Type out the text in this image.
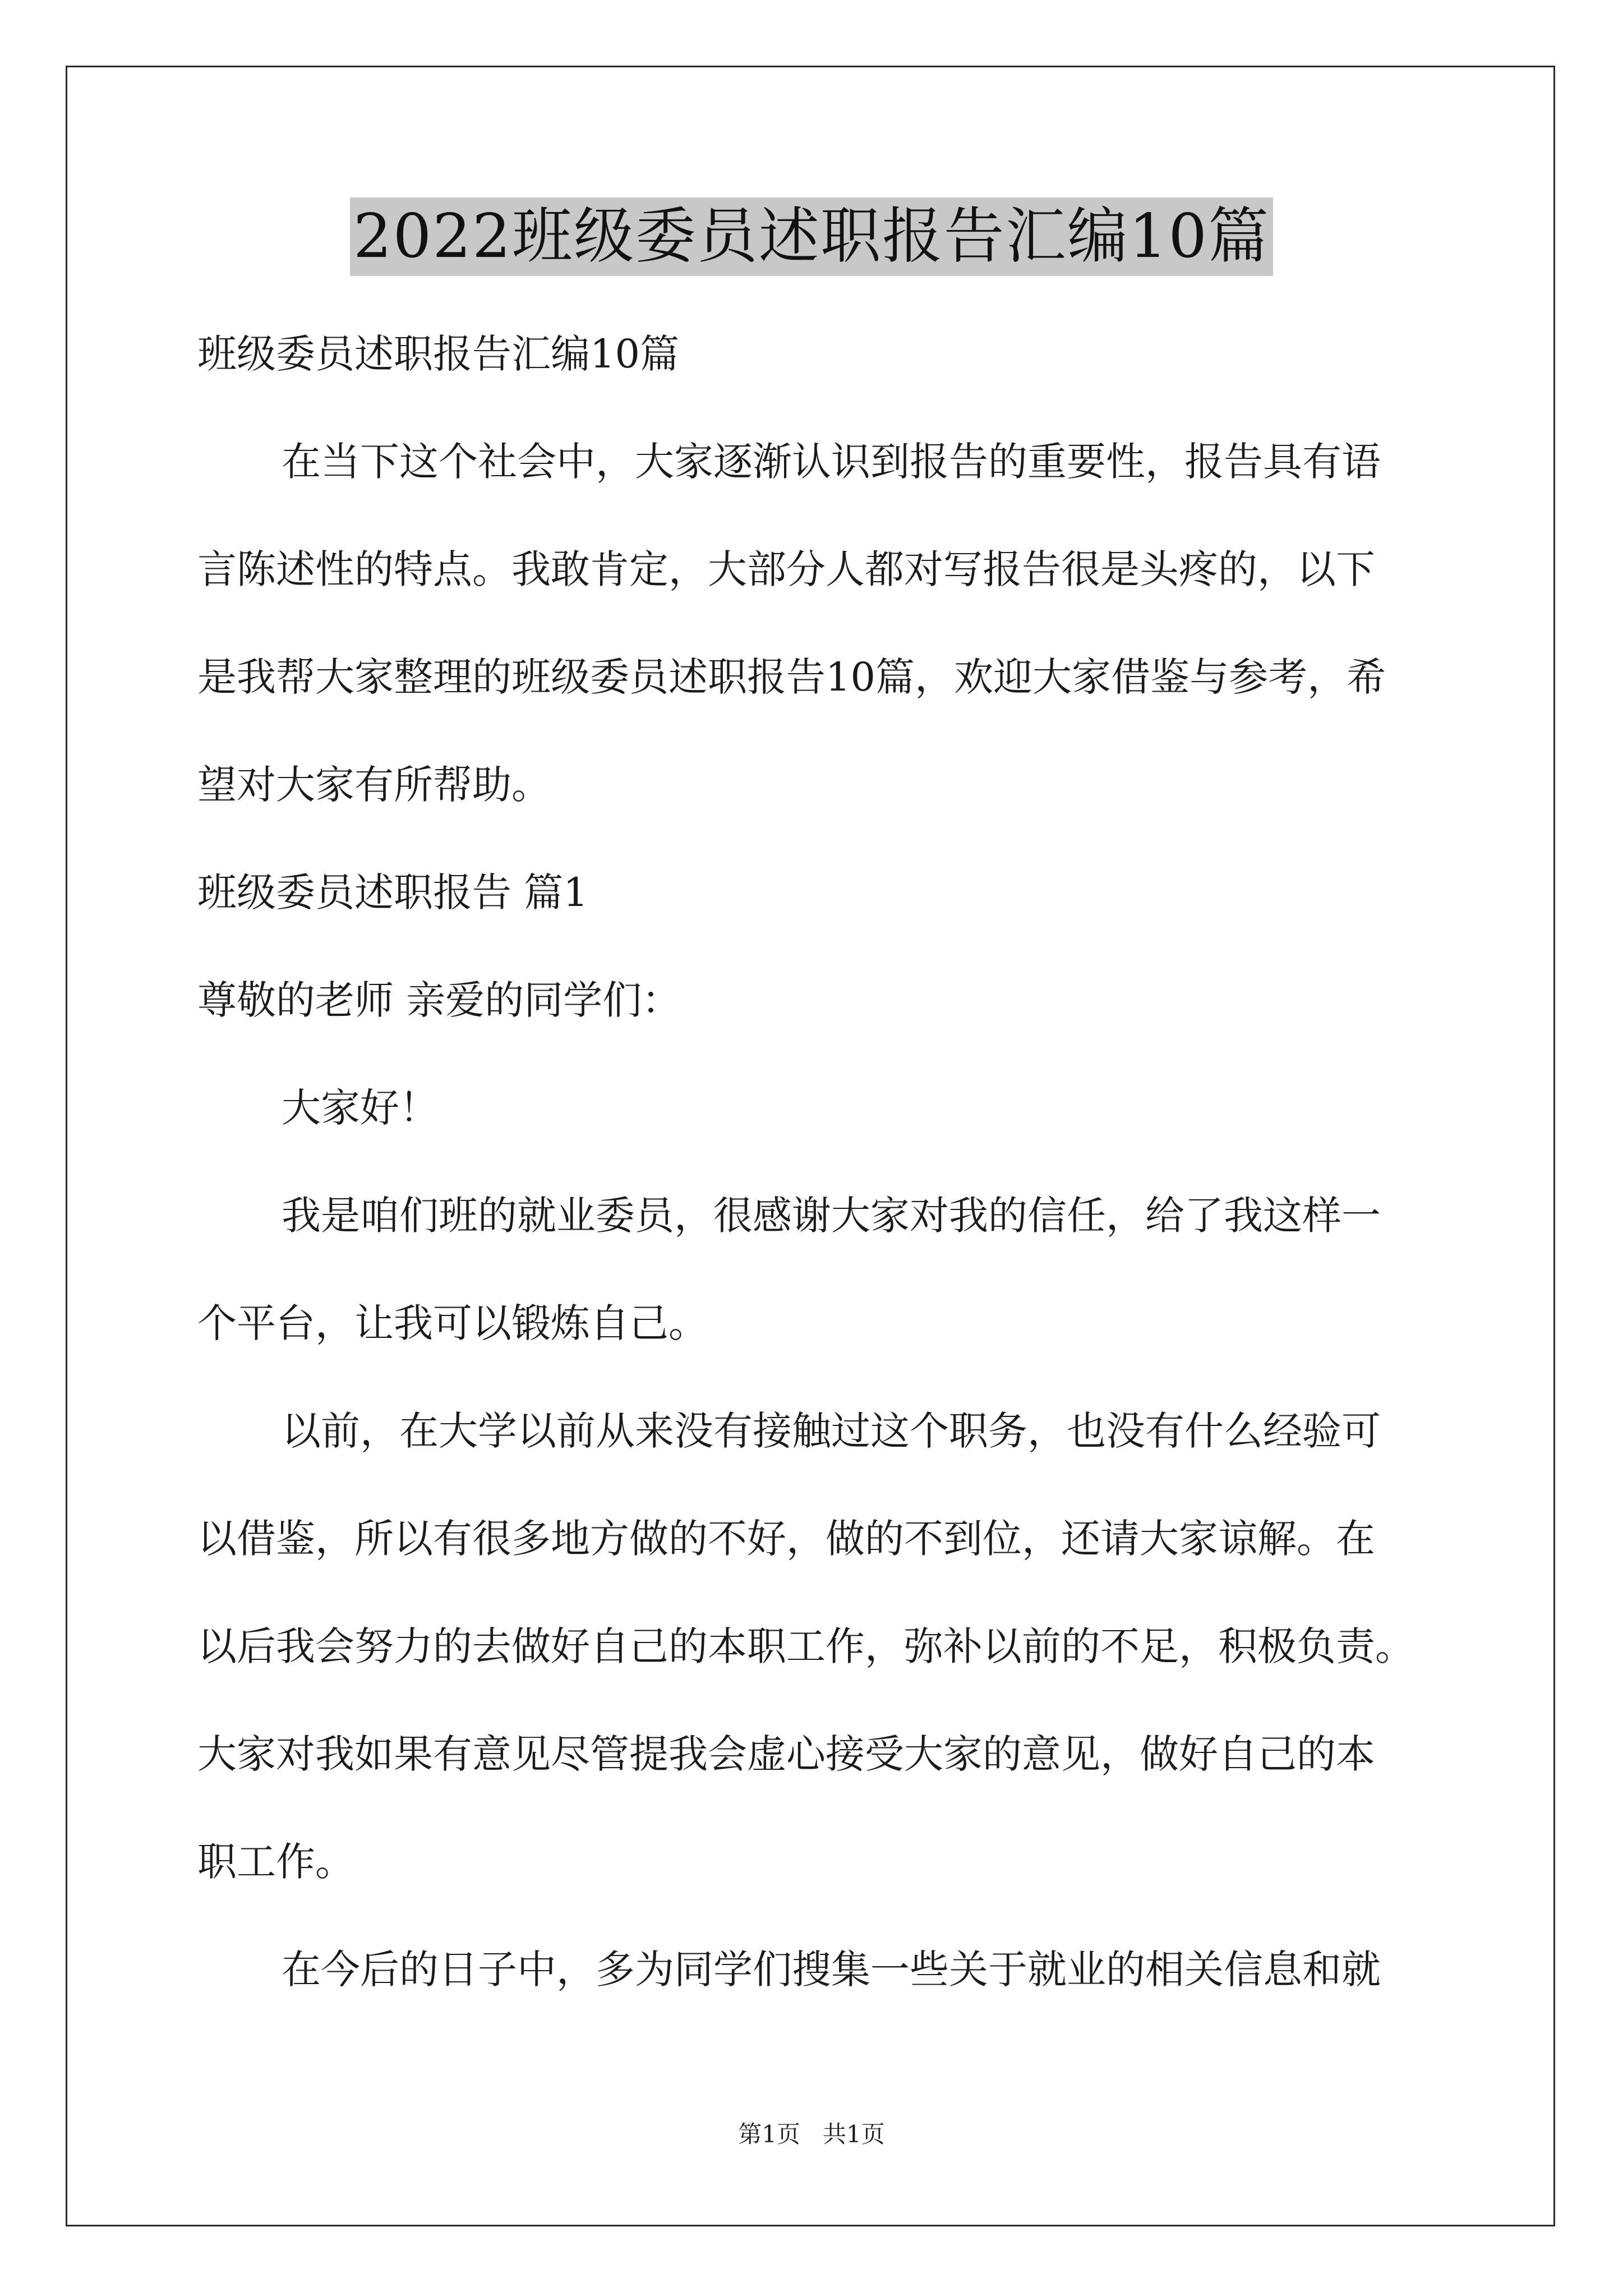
2022班级委员述职报告汇编10篇
班级委员述职报告汇编10篇
在当下这个社会中，大家逐渐认识到报告的重要性，报告具有语
言陈述性的特点。我敢肯定，大部分人都对写报告很是头疼的，以下
是我帮大家整理的班级委员述职报告10篇，欢迎大家借鉴与参考，希
望对大家有所帮助。
班级委员述职报告 篇1
尊敬的老师 亲爱的同学们：
大家好！
我是咱们班的就业委员，很感谢大家对我的信任，给了我这样一
个平台，让我可以锻炼自己。
以前，在大学以前从来没有接触过这个职务，也没有什么经验可
以借鉴，所以有很多地方做的不好，做的不到位，还请大家谅解。在
以后我会努力的去做好自己的本职工作，弥补以前的不足，积极负责。
大家对我如果有意见尽管提我会虚心接受大家的意见，做好自己的本
职工作。
在今后的日子中，多为同学们搜集一些关于就业的相关信息和就
第1页 共1页
